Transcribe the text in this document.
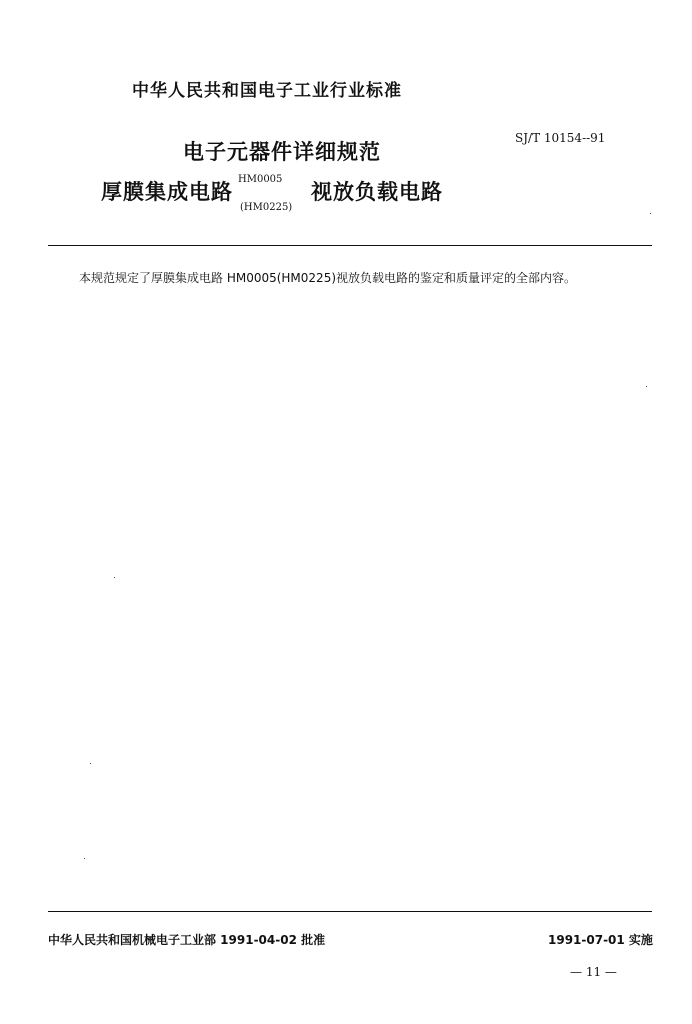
中华人民共和国电子工业行业标准
电子元器件详细规范
SJ/T 10154--91
厚膜集成电路
HM0005
(HM0225)
视放负载电路
本规范规定了厚膜集成电路 HM0005(HM0225)视放负载电路的鉴定和质量评定的全部内容。
中华人民共和国机械电子工业部 1991-04-02 批准	1991-07-01 实施
— 11 —
